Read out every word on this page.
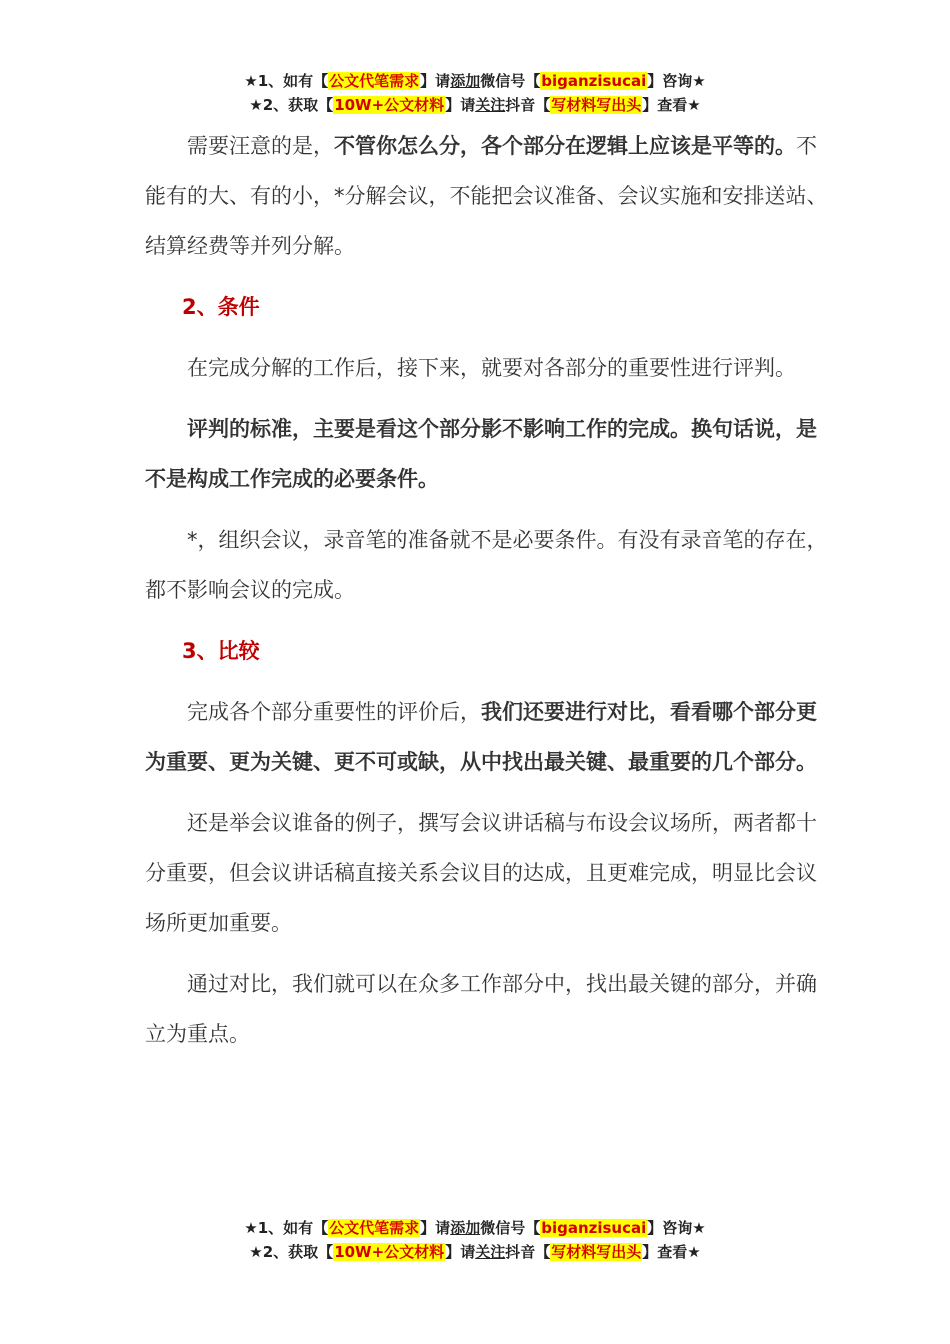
★1、如有【公文代笔需求】请添加微信号【biganzisucai】咨询★
★2、获取【10W+公文材料】请关注抖音【写材料写出头】查看★

需要汪意的是，不管你怎么分，各个部分在逻辑上应该是平等的。不能有的大、有的小，*分解会议，不能把会议准备、会议实施和安排送站、结算经费等并列分解。

2、条件

在完成分解的工作后，接下来，就要对各部分的重要性进行评判。

评判的标准，主要是看这个部分影不影响工作的完成。换句话说，是不是构成工作完成的必要条件。

*，组织会议，录音笔的准备就不是必要条件。有没有录音笔的存在，都不影响会议的完成。

3、比较

完成各个部分重要性的评价后，我们还要进行对比，看看哪个部分更为重要、更为关键、更不可或缺，从中找出最关键、最重要的几个部分。

还是举会议谁备的例子，撰写会议讲话稿与布设会议场所，两者都十分重要，但会议讲话稿直接关系会议目的达成，且更难完成，明显比会议场所更加重要。

通过对比，我们就可以在众多工作部分中，找出最关键的部分，并确立为重点。

★1、如有【公文代笔需求】请添加微信号【biganzisucai】咨询★
★2、获取【10W+公文材料】请关注抖音【写材料写出头】查看★
